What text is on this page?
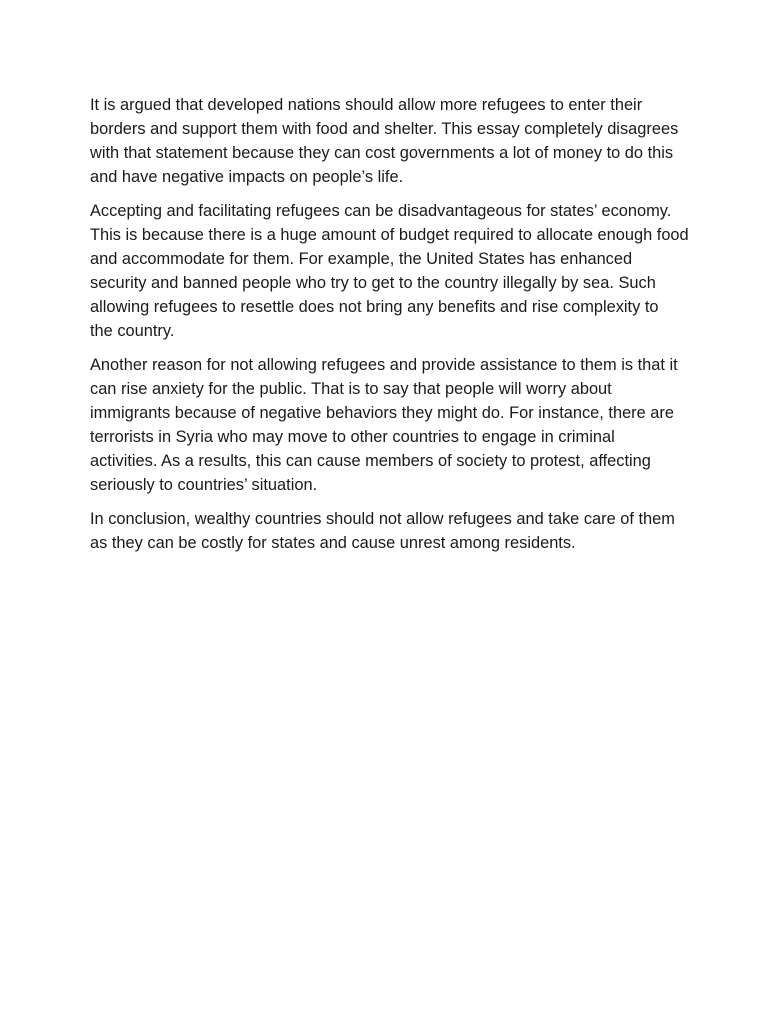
It is argued that developed nations should allow more refugees to enter their
borders and support them with food and shelter. This essay completely disagrees
with that statement because they can cost governments a lot of money to do this
and have negative impacts on people’s life.

Accepting and facilitating refugees can be disadvantageous for states’ economy.
This is because there is a huge amount of budget required to allocate enough food
and accommodate for them. For example, the United States has enhanced
security and banned people who try to get to the country illegally by sea. Such
allowing refugees to resettle does not bring any benefits and rise complexity to
the country.

Another reason for not allowing refugees and provide assistance to them is that it
can rise anxiety for the public. That is to say that people will worry about
immigrants because of negative behaviors they might do. For instance, there are
terrorists in Syria who may move to other countries to engage in criminal
activities. As a results, this can cause members of society to protest, affecting
seriously to countries’ situation.

In conclusion, wealthy countries should not allow refugees and take care of them
as they can be costly for states and cause unrest among residents.
